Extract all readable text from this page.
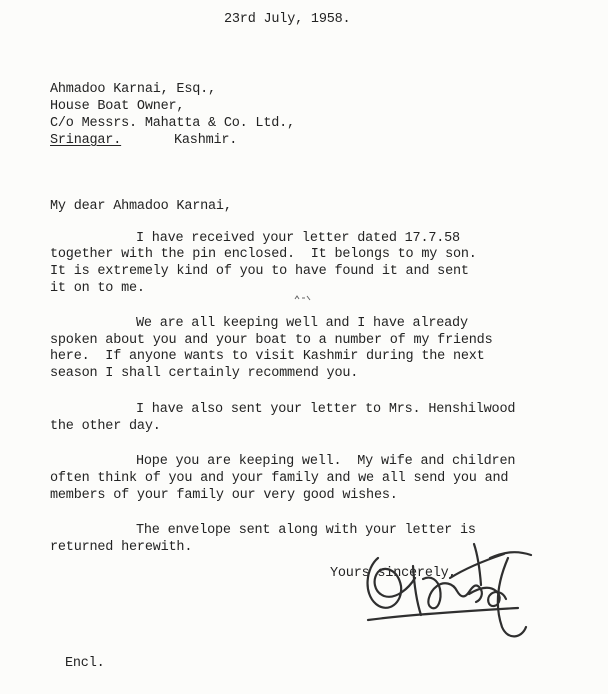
23rd July, 1958.
Ahmadoo Karnai, Esq.,
House Boat Owner,
C/o Messrs. Mahatta & Co. Ltd.,
Srinagar.	Kashmir.
My dear Ahmadoo Karnai,
I have received your letter dated 17.7.58
together with the pin enclosed.  It belongs to my son.
It is extremely kind of you to have found it and sent
it on to me.
We are all keeping well and I have already
spoken about you and your boat to a number of my friends
here.  If anyone wants to visit Kashmir during the next
season I shall certainly recommend you.
I have also sent your letter to Mrs. Henshilwood
the other day.
Hope you are keeping well.  My wife and children
often think of you and your family and we all send you and
members of your family our very good wishes.
The envelope sent along with your letter is
returned herewith.
Yours sincerely,
Encl.
